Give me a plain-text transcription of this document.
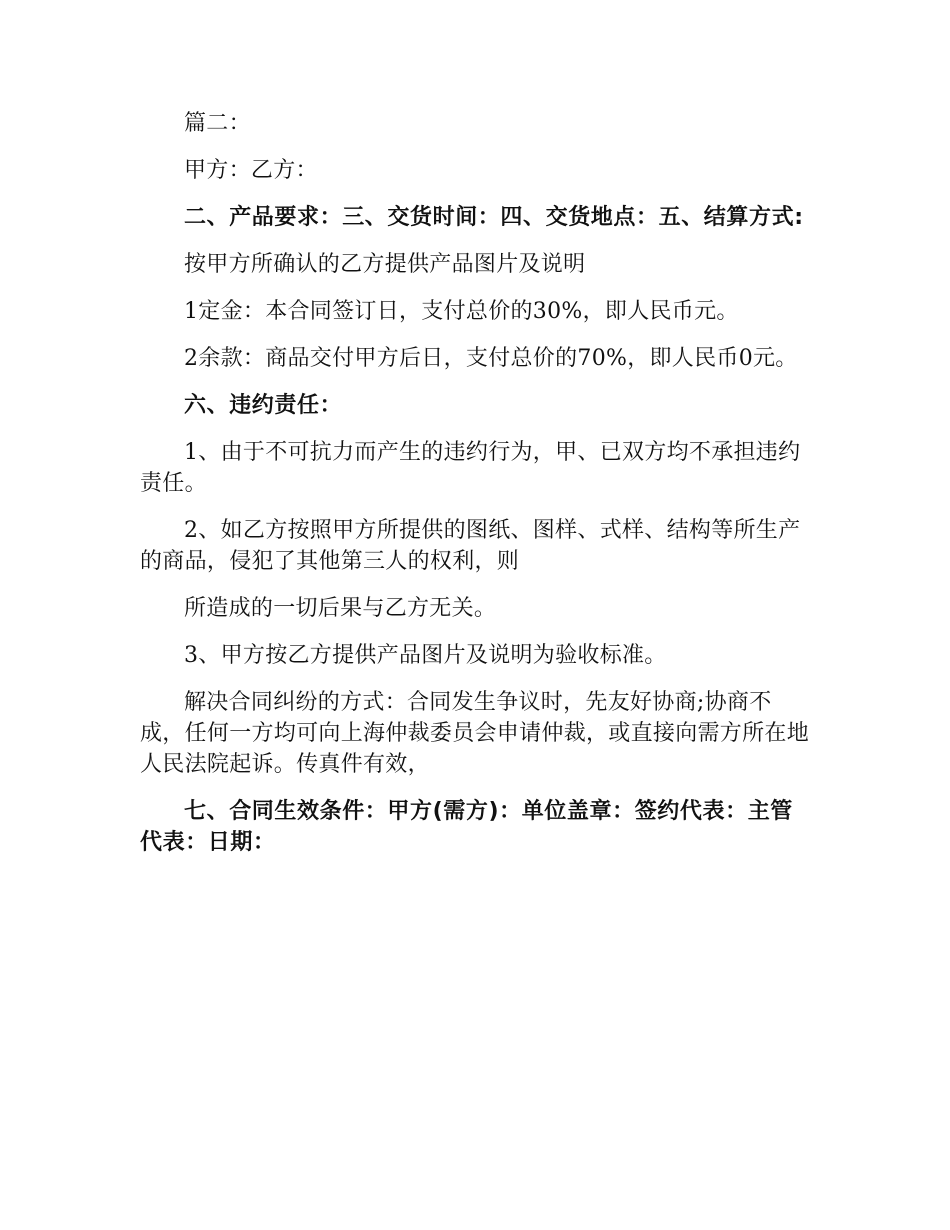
篇二：

甲方：乙方：

二、产品要求：三、交货时间：四、交货地点：五、结算方式:

按甲方所确认的乙方提供产品图片及说明

1定金：本合同签订日，支付总价的30%，即人民币元。

2余款：商品交付甲方后日，支付总价的70%，即人民币0元。

六、违约责任：

1、由于不可抗力而产生的违约行为，甲、已双方均不承担违约责任。

2、如乙方按照甲方所提供的图纸、图样、式样、结构等所生产的商品，侵犯了其他第三人的权利，则

所造成的一切后果与乙方无关。

3、甲方按乙方提供产品图片及说明为验收标准。

解决合同纠纷的方式：合同发生争议时，先友好协商;协商不成，任何一方均可向上海仲裁委员会申请仲裁，或直接向需方所在地人民法院起诉。传真件有效，

七、合同生效条件：甲方(需方)：单位盖章：签约代表：主管代表：日期：
